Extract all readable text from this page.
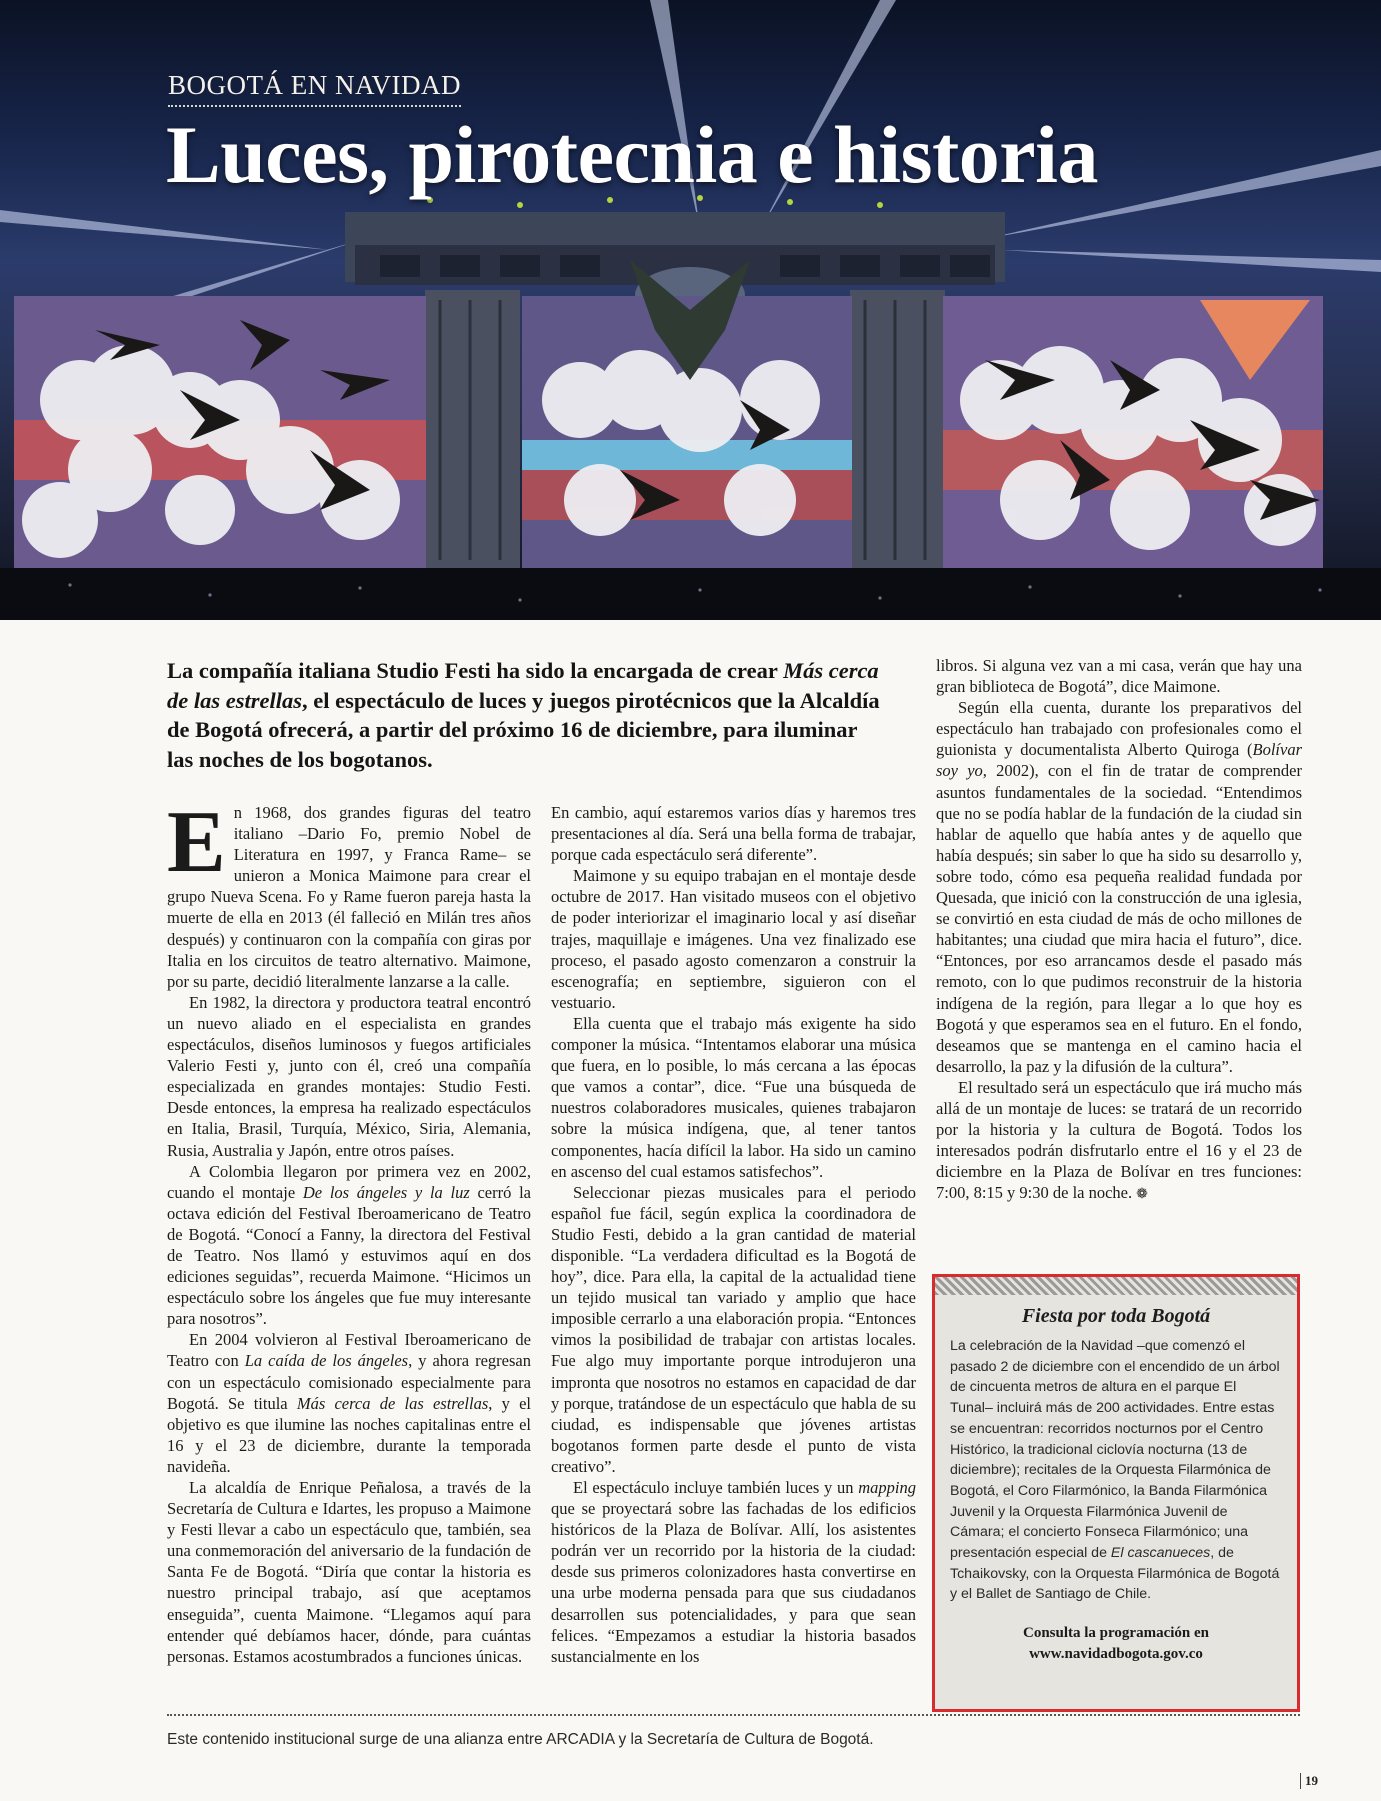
BOGOTÁ EN NAVIDAD
Luces, pirotecnia e historia
La compañía italiana Studio Festi ha sido la encargada de crear Más cerca de las estrellas, el espectáculo de luces y juegos pirotécnicos que la Alcaldía de Bogotá ofrecerá, a partir del próximo 16 de diciembre, para iluminar las noches de los bogotanos.

En 1968, dos grandes figuras del teatro italiano –Dario Fo, premio Nobel de Literatura en 1997, y Franca Rame– se unieron a Monica Maimone para crear el grupo Nueva Scena. Fo y Rame fueron pareja hasta la muerte de ella en 2013 (él falleció en Milán tres años después) y continuaron con la compañía con giras por Italia en los circuitos de teatro alternativo. Maimone, por su parte, decidió literalmente lanzarse a la calle.

En 1982, la directora y productora teatral encontró un nuevo aliado en el especialista en grandes espectáculos, diseños luminosos y fuegos artificiales Valerio Festi y, junto con él, creó una compañía especializada en grandes montajes: Studio Festi. Desde entonces, la empresa ha realizado espectáculos en Italia, Brasil, Turquía, México, Siria, Alemania, Rusia, Australia y Japón, entre otros países.

A Colombia llegaron por primera vez en 2002, cuando el montaje De los ángeles y la luz cerró la octava edición del Festival Iberoamericano de Teatro de Bogotá. “Conocí a Fanny, la directora del Festival de Teatro. Nos llamó y estuvimos aquí en dos ediciones seguidas”, recuerda Maimone. “Hicimos un espectáculo sobre los ángeles que fue muy interesante para nosotros”.

En 2004 volvieron al Festival Iberoamericano de Teatro con La caída de los ángeles, y ahora regresan con un espectáculo comisionado especialmente para Bogotá. Se titula Más cerca de las estrellas, y el objetivo es que ilumine las noches capitalinas entre el 16 y el 23 de diciembre, durante la temporada navideña.

La alcaldía de Enrique Peñalosa, a través de la Secretaría de Cultura e Idartes, les propuso a Maimone y Festi llevar a cabo un espectáculo que, también, sea una conmemoración del aniversario de la fundación de Santa Fe de Bogotá. “Diría que contar la historia es nuestro principal trabajo, así que aceptamos enseguida”, cuenta Maimone. “Llegamos aquí para entender qué debíamos hacer, dónde, para cuántas personas. Estamos acostumbrados a funciones únicas.

En cambio, aquí estaremos varios días y haremos tres presentaciones al día. Será una bella forma de trabajar, porque cada espectáculo será diferente”.

Maimone y su equipo trabajan en el montaje desde octubre de 2017. Han visitado museos con el objetivo de poder interiorizar el imaginario local y así diseñar trajes, maquillaje e imágenes. Una vez finalizado ese proceso, el pasado agosto comenzaron a construir la escenografía; en septiembre, siguieron con el vestuario.

Ella cuenta que el trabajo más exigente ha sido componer la música. “Intentamos elaborar una música que fuera, en lo posible, lo más cercana a las épocas que vamos a contar”, dice. “Fue una búsqueda de nuestros colaboradores musicales, quienes trabajaron sobre la música indígena, que, al tener tantos componentes, hacía difícil la labor. Ha sido un camino en ascenso del cual estamos satisfechos”.

Seleccionar piezas musicales para el periodo español fue fácil, según explica la coordinadora de Studio Festi, debido a la gran cantidad de material disponible. “La verdadera dificultad es la Bogotá de hoy”, dice. Para ella, la capital de la actualidad tiene un tejido musical tan variado y amplio que hace imposible cerrarlo a una elaboración propia. “Entonces vimos la posibilidad de trabajar con artistas locales. Fue algo muy importante porque introdujeron una impronta que nosotros no estamos en capacidad de dar y porque, tratándose de un espectáculo que habla de su ciudad, es indispensable que jóvenes artistas bogotanos formen parte desde el punto de vista creativo”.

El espectáculo incluye también luces y un mapping que se proyectará sobre las fachadas de los edificios históricos de la Plaza de Bolívar. Allí, los asistentes podrán ver un recorrido por la historia de la ciudad: desde sus primeros colonizadores hasta convertirse en una urbe moderna pensada para que sus ciudadanos desarrollen sus potencialidades, y para que sean felices. “Empezamos a estudiar la historia basados sustancialmente en los

libros. Si alguna vez van a mi casa, verán que hay una gran biblioteca de Bogotá”, dice Maimone.

Según ella cuenta, durante los preparativos del espectáculo han trabajado con profesionales como el guionista y documentalista Alberto Quiroga (Bolívar soy yo, 2002), con el fin de tratar de comprender asuntos fundamentales de la sociedad. “Entendimos que no se podía hablar de la fundación de la ciudad sin hablar de aquello que había antes y de aquello que había después; sin saber lo que ha sido su desarrollo y, sobre todo, cómo esa pequeña realidad fundada por Quesada, que inició con la construcción de una iglesia, se convirtió en esta ciudad de más de ocho millones de habitantes; una ciudad que mira hacia el futuro”, dice. “Entonces, por eso arrancamos desde el pasado más remoto, con lo que pudimos reconstruir de la historia indígena de la región, para llegar a lo que hoy es Bogotá y que esperamos sea en el futuro. En el fondo, deseamos que se mantenga en el camino hacia el desarrollo, la paz y la difusión de la cultura”.

El resultado será un espectáculo que irá mucho más allá de un montaje de luces: se tratará de un recorrido por la historia y la cultura de Bogotá. Todos los interesados podrán disfrutarlo entre el 16 y el 23 de diciembre en la Plaza de Bolívar en tres funciones: 7:00, 8:15 y 9:30 de la noche. ❁

Fiesta por toda Bogotá
La celebración de la Navidad –que comenzó el pasado 2 de diciembre con el encendido de un árbol de cincuenta metros de altura en el parque El Tunal– incluirá más de 200 actividades. Entre estas se encuentran: recorridos nocturnos por el Centro Histórico, la tradicional ciclovía nocturna (13 de diciembre); recitales de la Orquesta Filarmónica de Bogotá, el Coro Filarmónico, la Banda Filarmónica Juvenil y la Orquesta Filarmónica Juvenil de Cámara; el concierto Fonseca Filarmónico; una presentación especial de El cascanueces, de Tchaikovsky, con la Orquesta Filarmónica de Bogotá y el Ballet de Santiago de Chile.
Consulta la programación en
www.navidadbogota.gov.co
Este contenido institucional surge de una alianza entre ARCADIA y la Secretaría de Cultura de Bogotá.
19
